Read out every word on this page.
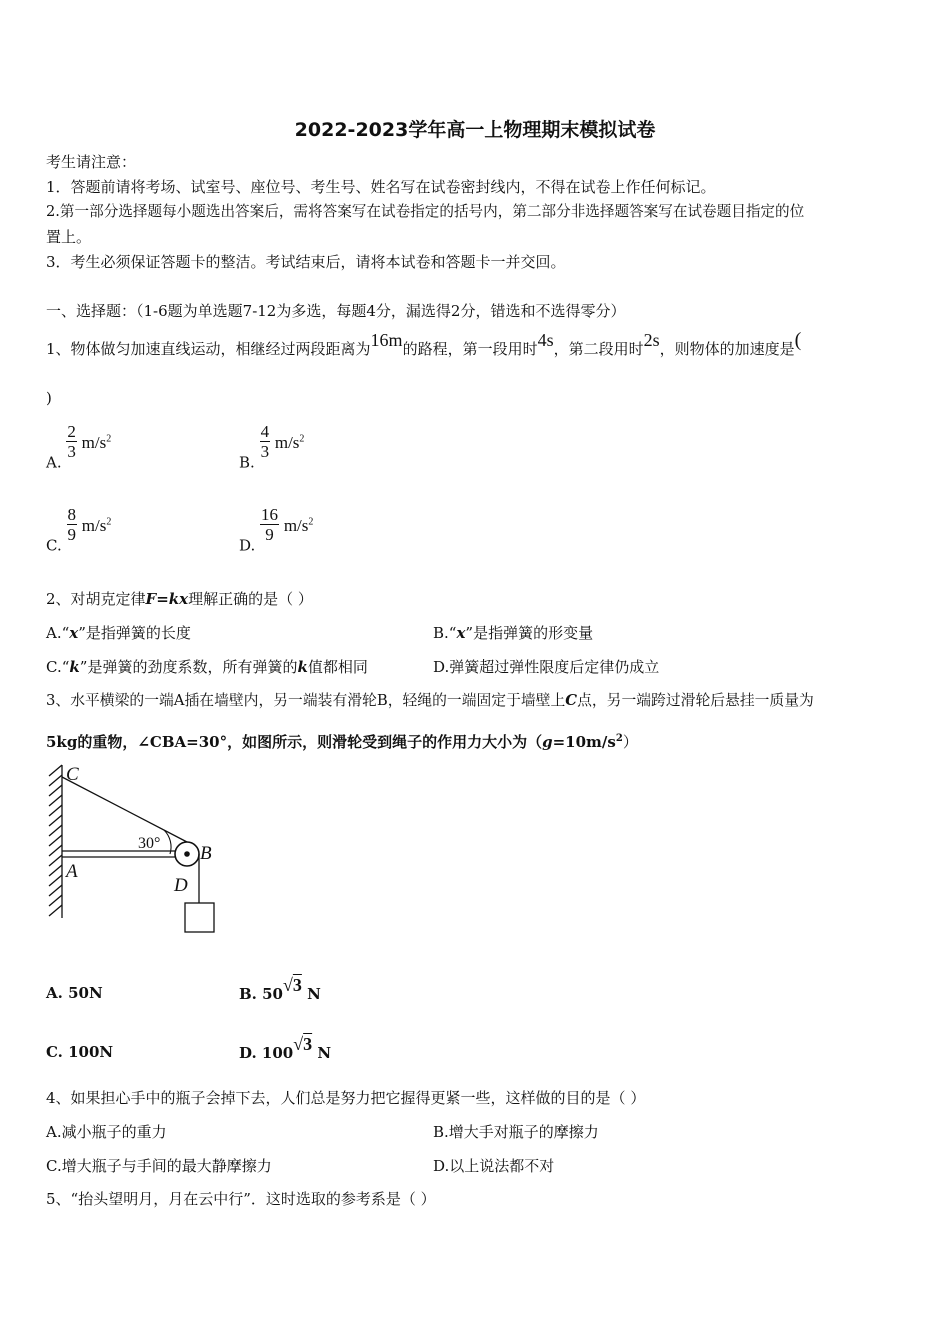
2022-2023学年高一上物理期末模拟试卷
考生请注意：
1．答题前请将考场、试室号、座位号、考生号、姓名写在试卷密封线内，不得在试卷上作任何标记。
2.第一部分选择题每小题选出答案后，需将答案写在试卷指定的括号内，第二部分非选择题答案写在试卷题目指定的位
置上。
3．考生必须保证答题卡的整洁。考试结束后，请将本试卷和答题卡一并交回。
一、选择题：（1-6题为单选题7-12为多选，每题4分，漏选得2分，错选和不选得零分）
1、物体做匀加速直线运动，相继经过两段距离为16m的路程，第一段用时4s，第二段用时2s，则物体的加速度是(
)
A.
$\frac{2}{3} m/s^2$
B.
$\frac{4}{3} m/s^2$
C.
$\frac{8}{9} m/s^2$
D.
$\frac{16}{9} m/s^2$
2、对胡克定律F=kx理解正确的是（ ）
A.“x”是指弹簧的长度	B.“x”是指弹簧的形变量
C.“k”是弹簧的劲度系数，所有弹簧的k值都相同	D.弹簧超过弹性限度后定律仍成立
3、水平横梁的一端A插在墙壁内，另一端装有滑轮B，轻绳的一端固定于墙壁上C点，另一端跨过滑轮后悬挂一质量为
5kg的重物，∠CBA=30°，如图所示，则滑轮受到绳子的作用力大小为$(g=10m/s^2)$
C
30° B
A
D
A. 50N	B. 50√3 N
C. 100N	D. 100√3 N
4、如果担心手中的瓶子会掉下去，人们总是努力把它握得更紧一些，这样做的目的是（ ）
A.减小瓶子的重力	B.增大手对瓶子的摩擦力
C.增大瓶子与手间的最大静摩擦力	D.以上说法都不对
5、“抬头望明月，月在云中行”．这时选取的参考系是（ ）
